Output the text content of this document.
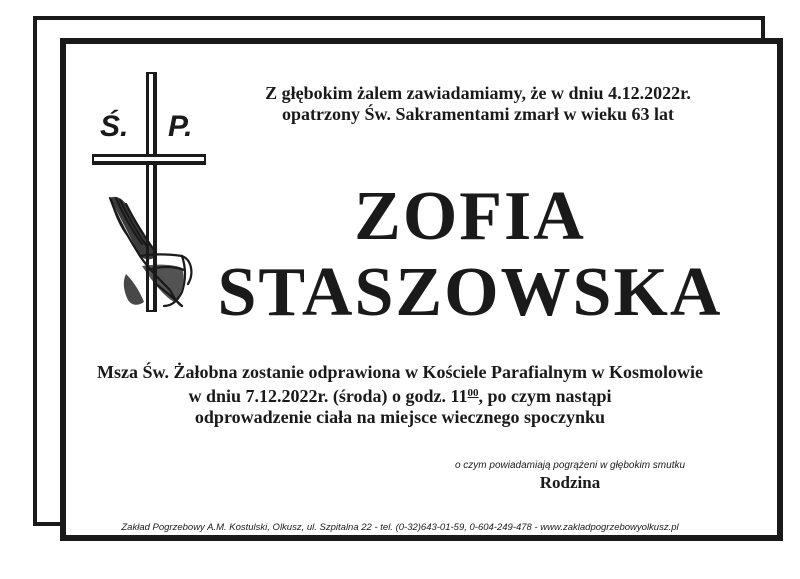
Ś. P.
Z głębokim żalem zawiadamiamy, że w dniu 4.12.2022r.
opatrzony Św. Sakramentami zmarł w wieku 63 lat
ZOFIA
STASZOWSKA
Msza Św. Żałobna zostanie odprawiona w Kościele Parafialnym w Kosmolowie
w dniu 7.12.2022r. (środa) o godz. $11^{00}$, po czym nastąpi
odprowadzenie ciała na miejsce wiecznego spoczynku
o czym powiadamiają pogrążeni w głębokim smutku
Rodzina
Zakład Pogrzebowy A.M. Kostulski, Olkusz, ul. Szpitalna 22 - tel. (0-32)643-01-59, 0-604-249-478 - www.zakladpogrzebowyolkusz.pl
